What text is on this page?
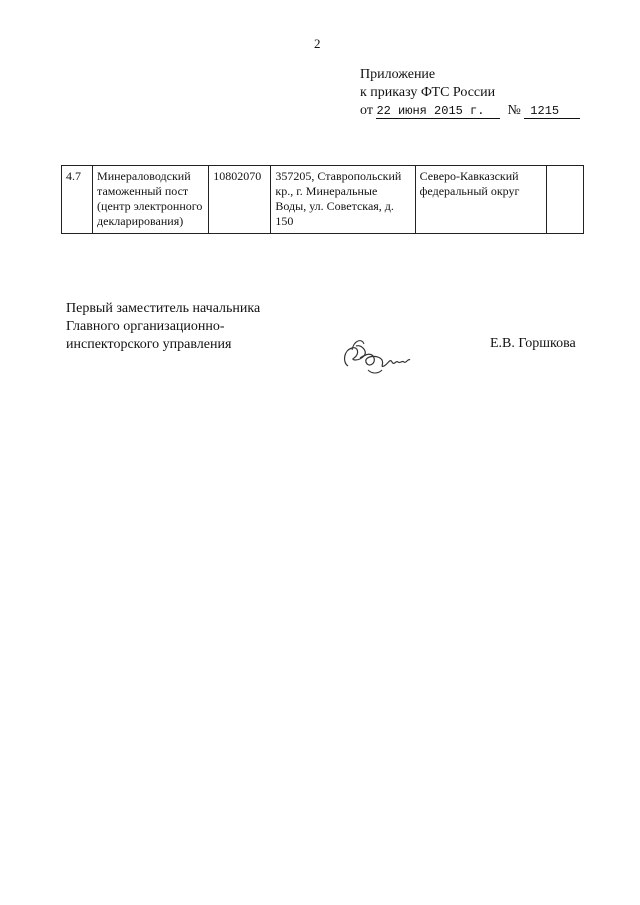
2
Приложение
к приказу ФТС России
от 22 июня 2015 г. № 1215
4.7	Минераловодский таможенный пост (центр электронного декларирования)	10802070	357205, Ставропольский кр., г. Минеральные Воды, ул. Советская, д. 150	Северо-Кавказский федеральный округ	
Первый заместитель начальника
Главного организационно-
инспекторского управления	Е.В. Горшкова
